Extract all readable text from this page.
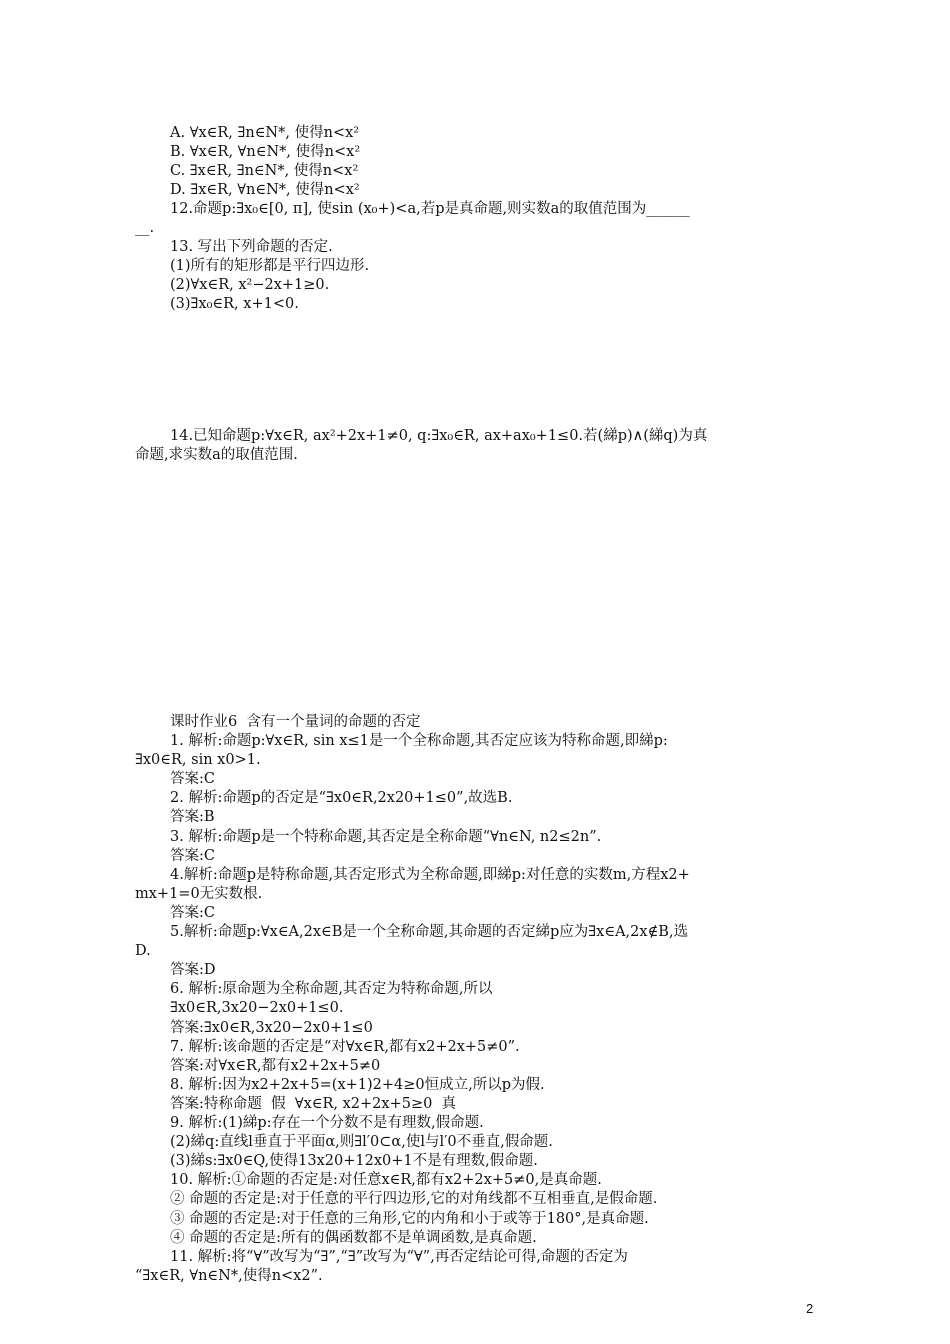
A. ∀x∈R, ∃n∈N*, 使得n<x²
B. ∀x∈R, ∀n∈N*, 使得n<x²
C. ∃x∈R, ∃n∈N*, 使得n<x²
D. ∃x∈R, ∀n∈N*, 使得n<x²
12.命题p:∃x₀∈[0, π], 使sin (x₀+)<a,若p是真命题,则实数a的取值范围为______
__.
13. 写出下列命题的否定.
(1)所有的矩形都是平行四边形.
(2)∀x∈R, x²−2x+1≥0.
(3)∃x₀∈R, x+1<0.
14.已知命题p:∀x∈R, ax²+2x+1≠0, q:∃x₀∈R, ax+ax₀+1≤0.若(綈p)∧(綈q)为真
命题,求实数a的取值范围.
课时作业6  含有一个量词的命题的否定
1. 解析:命题p:∀x∈R, sin x≤1是一个全称命题,其否定应该为特称命题,即綈p:
∃x0∈R, sin x0>1.
答案:C
2. 解析:命题p的否定是“∃x0∈R,2x20+1≤0”,故选B.
答案:B
3. 解析:命题p是一个特称命题,其否定是全称命题“∀n∈N, n2≤2n”.
答案:C
4.解析:命题p是特称命题,其否定形式为全称命题,即綈p:对任意的实数m,方程x2+
mx+1=0无实数根.
答案:C
5.解析:命题p:∀x∈A,2x∈B是一个全称命题,其命题的否定綈p应为∃x∈A,2x∉B,选
D.
答案:D
6. 解析:原命题为全称命题,其否定为特称命题,所以
∃x0∈R,3x20−2x0+1≤0.
答案:∃x0∈R,3x20−2x0+1≤0
7. 解析:该命题的否定是“对∀x∈R,都有x2+2x+5≠0”.
答案:对∀x∈R,都有x2+2x+5≠0
8. 解析:因为x2+2x+5=(x+1)2+4≥0恒成立,所以p为假.
答案:特称命题  假  ∀x∈R, x2+2x+5≥0  真
9. 解析:(1)綈p:存在一个分数不是有理数,假命题.
(2)綈q:直线l垂直于平面α,则∃l′0⊂α,使l与l′0不垂直,假命题.
(3)綈s:∃x0∈Q,使得13x20+12x0+1不是有理数,假命题.
10. 解析:①命题的否定是:对任意x∈R,都有x2+2x+5≠0,是真命题.
② 命题的否定是:对于任意的平行四边形,它的对角线都不互相垂直,是假命题.
③ 命题的否定是:对于任意的三角形,它的内角和小于或等于180°,是真命题.
④ 命题的否定是:所有的偶函数都不是单调函数,是真命题.
11. 解析:将“∀”改写为“∃”,“∃”改写为“∀”,再否定结论可得,命题的否定为
“∃x∈R, ∀n∈N*,使得n<x2”.
2
